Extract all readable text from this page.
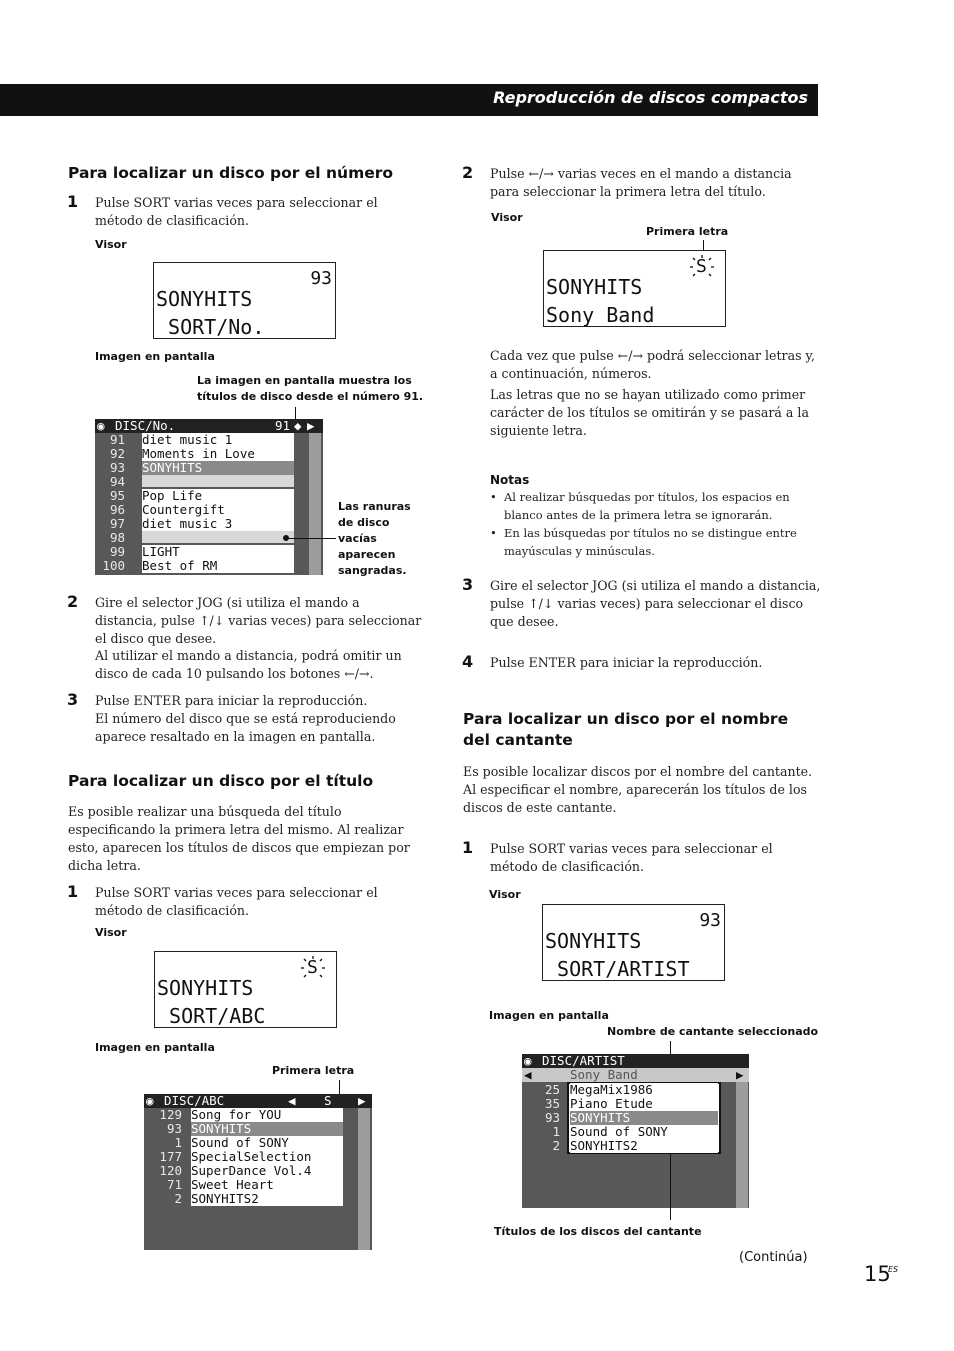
Reproducción de discos compactos
Para localizar un disco por el número
1 Pulse SORT varias veces para seleccionar el método de clasificación.
Visor
93
SONYHITS
SORT/No.
Imagen en pantalla
La imagen en pantalla muestra los títulos de disco desde el número 91.
◉ DISC/No.	91 ◆ ▶
91 diet music 1
92 Moments in Love
93 SONYHITS
94
95 Pop Life
96 Countergift
97 diet music 3
98
99 LIGHT
100 Best of RM
Las ranuras de disco vacías aparecen sangradas.
2 Gire el selector JOG (si utiliza el mando a distancia, pulse ↑/↓ varias veces) para seleccionar el disco que desee.
Al utilizar el mando a distancia, podrá omitir un disco de cada 10 pulsando los botones ←/→.
3 Pulse ENTER para iniciar la reproducción.
El número del disco que se está reproduciendo aparece resaltado en la imagen en pantalla.
Para localizar un disco por el título
Es posible realizar una búsqueda del título especificando la primera letra del mismo. Al realizar esto, aparecen los títulos de discos que empiezan por dicha letra.
1 Pulse SORT varias veces para seleccionar el método de clasificación.
Visor
S
SONYHITS
SORT/ABC
Imagen en pantalla
Primera letra
◉ DISC/ABC	◀ S ▶
129 Song for YOU
93 SONYHITS
1 Sound of SONY
177 SpecialSelection
120 SuperDance Vol.4
71 Sweet Heart
2 SONYHITS2
2 Pulse ←/→ varias veces en el mando a distancia para seleccionar la primera letra del título.
Visor
Primera letra
S
SONYHITS
Sony Band
Cada vez que pulse ←/→ podrá seleccionar letras y, a continuación, números.
Las letras que no se hayan utilizado como primer carácter de los títulos se omitirán y se pasará a la siguiente letra.
Notas
• Al realizar búsquedas por títulos, los espacios en blanco antes de la primera letra se ignorarán.
• En las búsquedas por títulos no se distingue entre mayúsculas y minúsculas.
3 Gire el selector JOG (si utiliza el mando a distancia, pulse ↑/↓ varias veces) para seleccionar el disco que desee.
4 Pulse ENTER para iniciar la reproducción.
Para localizar un disco por el nombre del cantante
Es posible localizar discos por el nombre del cantante. Al especificar el nombre, aparecerán los títulos de los discos de este cantante.
1 Pulse SORT varias veces para seleccionar el método de clasificación.
Visor
93
SONYHITS
SORT/ARTIST
Imagen en pantalla
Nombre de cantante seleccionado
◉ DISC/ARTIST
◀	Sony Band	▶
25 MegaMix1986
35 Piano Etude
93 SONYHITS
1 Sound of SONY
2 SONYHITS2
Títulos de los discos del cantante
(Continúa)
15
ES
